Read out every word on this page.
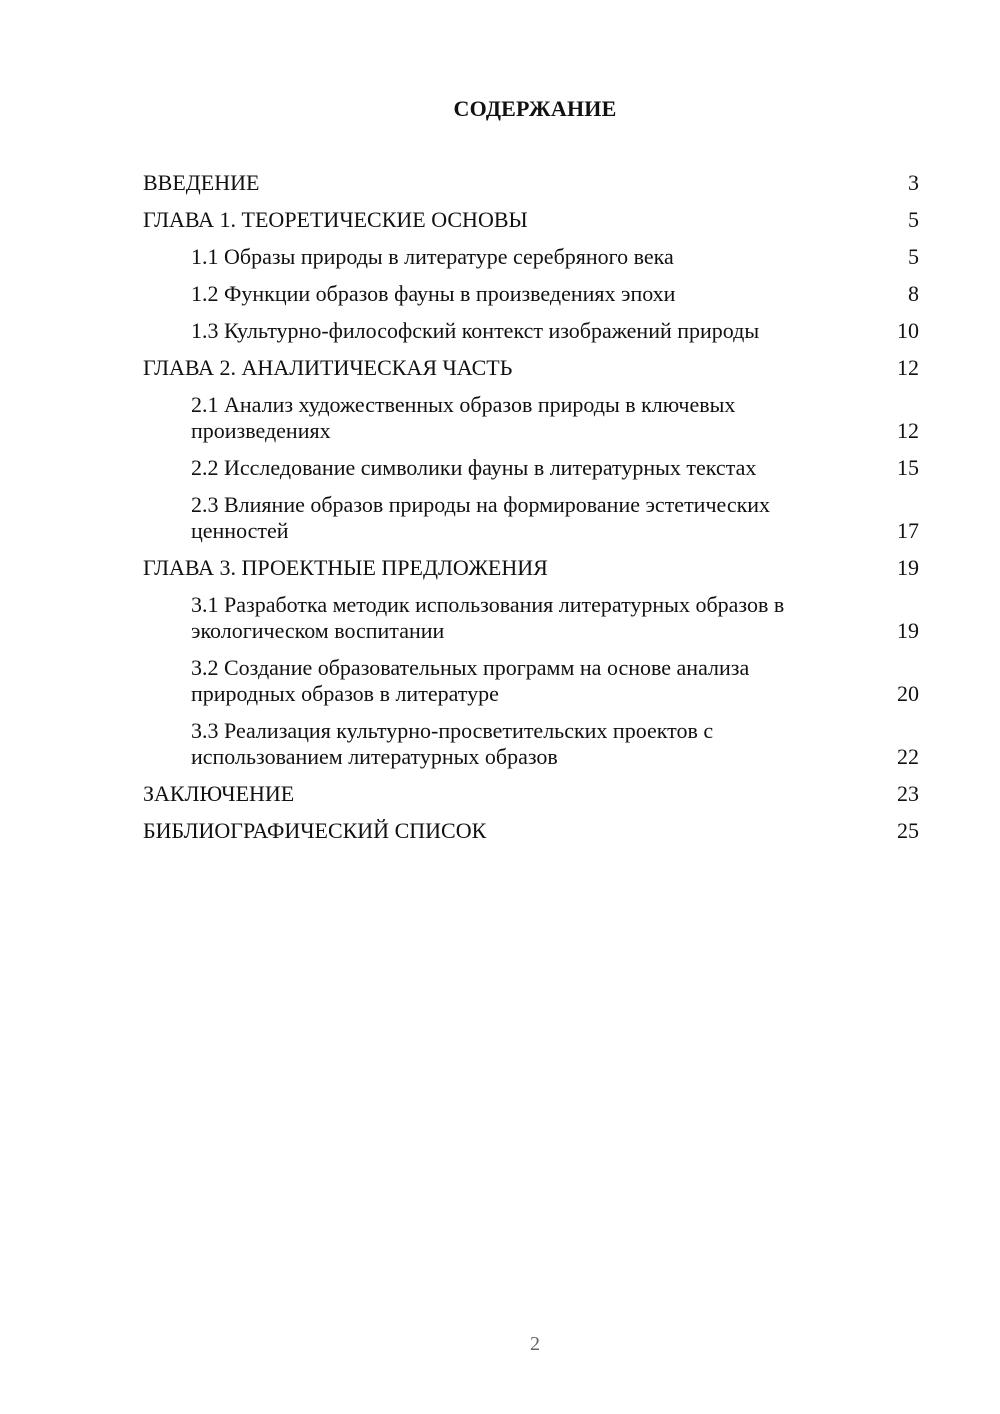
СОДЕРЖАНИЕ
ВВЕДЕНИЕ	3
ГЛАВА 1. ТЕОРЕТИЧЕСКИЕ ОСНОВЫ	5
1.1 Образы природы в литературе серебряного века	5
1.2 Функции образов фауны в произведениях эпохи	8
1.3 Культурно-философский контекст изображений природы	10
ГЛАВА 2. АНАЛИТИЧЕСКАЯ ЧАСТЬ	12
2.1 Анализ художественных образов природы в ключевых произведениях	12
2.2 Исследование символики фауны в литературных текстах	15
2.3 Влияние образов природы на формирование эстетических ценностей	17
ГЛАВА 3. ПРОЕКТНЫЕ ПРЕДЛОЖЕНИЯ	19
3.1 Разработка методик использования литературных образов в экологическом воспитании	19
3.2 Создание образовательных программ на основе анализа природных образов в литературе	20
3.3 Реализация культурно-просветительских проектов с использованием литературных образов	22
ЗАКЛЮЧЕНИЕ	23
БИБЛИОГРАФИЧЕСКИЙ СПИСОК	25
2
